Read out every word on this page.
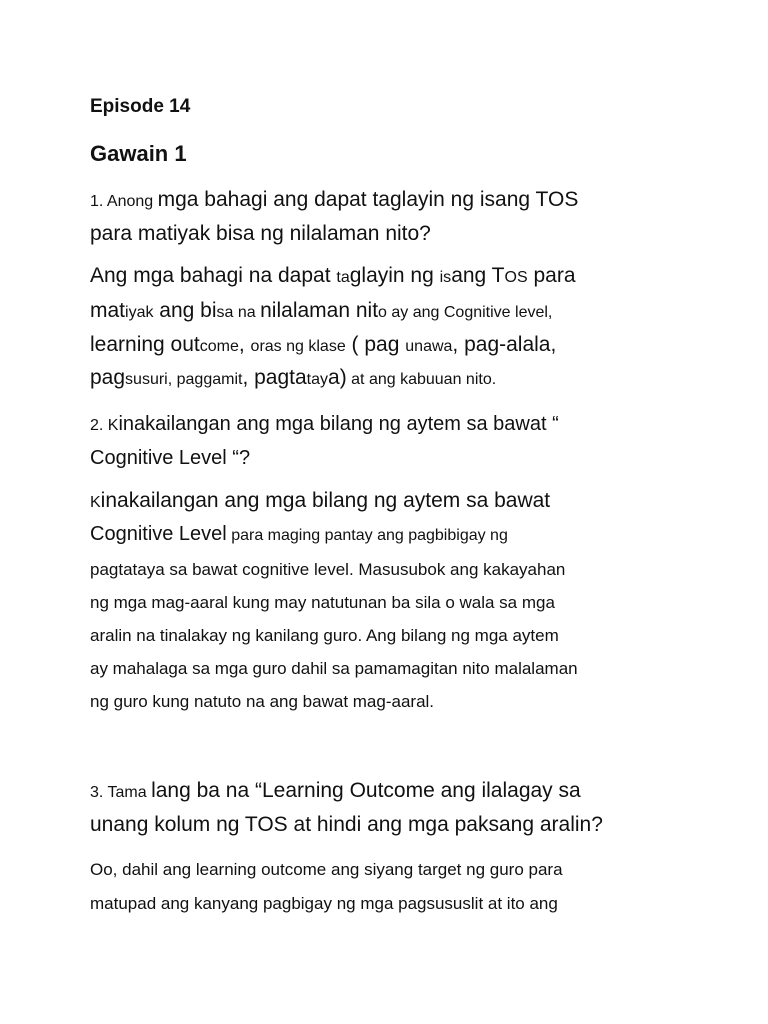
Episode 14

Gawain 1

1. Anong mga bahagi ang dapat taglayin ng isang TOS

para matiyak bisa ng nilalaman nito?

Ang mga bahagi na dapat taglayin ng isang TOS para

matiyak ang bisa na nilalaman nito ay ang Cognitive level,

learning outcome, oras ng klase ( pag unawa, pag-alala,

pagsusuri, paggamit, pagtataya) at ang kabuuan nito.

2. Kinakailangan ang mga bilang ng aytem sa bawat “

Cognitive Level “?

Kinakailangan ang mga bilang ng aytem sa bawat

Cognitive Level para maging pantay ang pagbibigay ng

pagtataya sa bawat cognitive level. Masusubok ang kakayahan

ng mga mag-aaral kung may natutunan ba sila o wala sa mga

aralin na tinalakay ng kanilang guro. Ang bilang ng mga aytem

ay mahalaga sa mga guro dahil sa pamamagitan nito malalaman

ng guro kung natuto na ang bawat mag-aaral.

3. Tama lang ba na “Learning Outcome ang ilalagay sa

unang kolum ng TOS at hindi ang mga paksang aralin?

Oo, dahil ang learning outcome ang siyang target ng guro para

matupad ang kanyang pagbigay ng mga pagsususlit at ito ang
